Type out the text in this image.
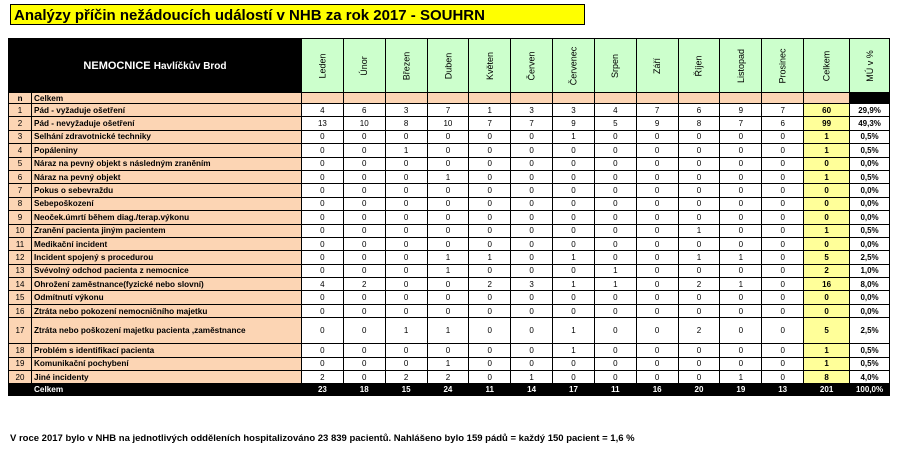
Analýzy příčin nežádoucích událostí v NHB za rok 2017 - SOUHRN
NEMOCNICE Havlíčkův Brod		Leden	Únor	Březen	Duben	Květen	Červen	Červenec	Srpen	Září	Říjen	Listopad	Prosinec	Celkem	MÚ v %
n	Celkem														
1	Pád - vyžaduje ošetření	4	6	3	7	1	3	3	4	7	6	9	7	60	29,9%
2	Pád - nevyžaduje ošetření	13	10	8	10	7	7	9	5	9	8	7	6	99	49,3%
3	Selhání zdravotnické techniky	0	0	0	0	0	0	1	0	0	0	0	0	1	0,5%
4	Popáleniny	0	0	1	0	0	0	0	0	0	0	0	0	1	0,5%
5	Náraz na pevný objekt s následným zraněním	0	0	0	0	0	0	0	0	0	0	0	0	0	0,0%
6	Náraz na pevný objekt	0	0	0	1	0	0	0	0	0	0	0	0	1	0,5%
7	Pokus o sebevraždu	0	0	0	0	0	0	0	0	0	0	0	0	0	0,0%
8	Sebepoškození	0	0	0	0	0	0	0	0	0	0	0	0	0	0,0%
9	Neoček.úmrtí během diag./terap.výkonu	0	0	0	0	0	0	0	0	0	0	0	0	0	0,0%
10	Zranění pacienta jiným pacientem	0	0	0	0	0	0	0	0	0	1	0	0	1	0,5%
11	Medikační incident	0	0	0	0	0	0	0	0	0	0	0	0	0	0,0%
12	Incident spojený s procedurou	0	0	0	1	1	0	1	0	0	1	1	0	5	2,5%
13	Svévolný odchod pacienta z nemocnice	0	0	0	1	0	0	0	1	0	0	0	0	2	1,0%
14	Ohrožení zaměstnance(fyzické nebo slovní)	4	2	0	0	2	3	1	1	0	2	1	0	16	8,0%
15	Odmítnutí výkonu	0	0	0	0	0	0	0	0	0	0	0	0	0	0,0%
16	Ztráta nebo pokození nemocničního majetku	0	0	0	0	0	0	0	0	0	0	0	0	0	0,0%
17	Ztráta nebo poškození majetku pacienta ,zaměstnance	0	0	1	1	0	0	1	0	0	2	0	0	5	2,5%
18	Problém s identifikací pacienta	0	0	0	0	0	0	1	0	0	0	0	0	1	0,5%
19	Komunikační pochybení	0	0	0	1	0	0	0	0	0	0	0	0	1	0,5%
20	Jiné incidenty	2	0	2	2	0	1	0	0	0	0	1	0	8	4,0%
	Celkem	23	18	15	24	11	14	17	11	16	20	19	13	201	100,0%
V roce 2017 bylo v NHB na jednotlivých odděleních hospitalizováno 23 839 pacientů. Nahlášeno bylo 159 pádů = každý 150 pacient = 1,6 %
